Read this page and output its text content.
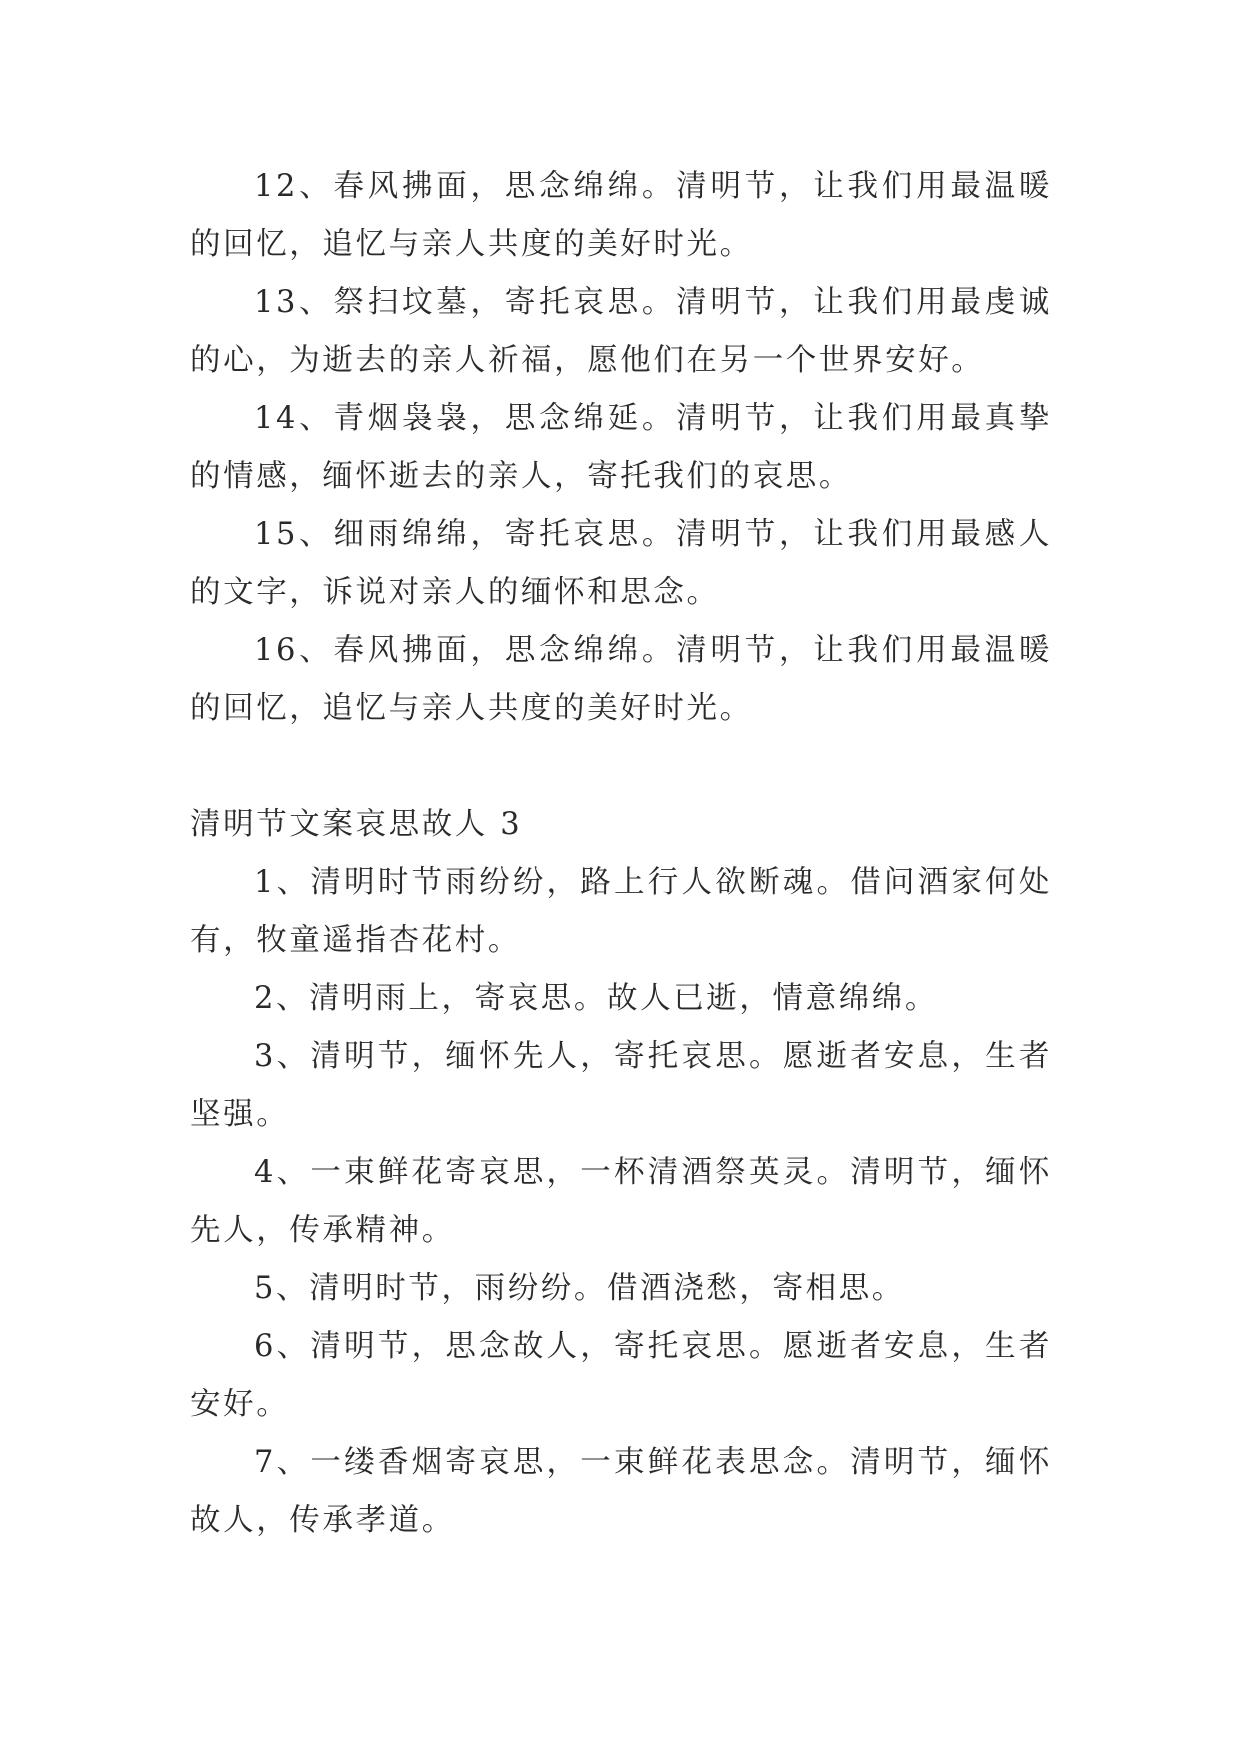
12、春风拂面，思念绵绵。清明节，让我们用最温暖的回忆，追忆与亲人共度的美好时光。

13、祭扫坟墓，寄托哀思。清明节，让我们用最虔诚的心，为逝去的亲人祈福，愿他们在另一个世界安好。

14、青烟袅袅，思念绵延。清明节，让我们用最真挚的情感，缅怀逝去的亲人，寄托我们的哀思。

15、细雨绵绵，寄托哀思。清明节，让我们用最感人的文字，诉说对亲人的缅怀和思念。

16、春风拂面，思念绵绵。清明节，让我们用最温暖的回忆，追忆与亲人共度的美好时光。

清明节文案哀思故人 3

1、清明时节雨纷纷，路上行人欲断魂。借问酒家何处有，牧童遥指杏花村。

2、清明雨上，寄哀思。故人已逝，情意绵绵。

3、清明节，缅怀先人，寄托哀思。愿逝者安息，生者坚强。

4、一束鲜花寄哀思，一杯清酒祭英灵。清明节，缅怀先人，传承精神。

5、清明时节，雨纷纷。借酒浇愁，寄相思。

6、清明节，思念故人，寄托哀思。愿逝者安息，生者安好。

7、一缕香烟寄哀思，一束鲜花表思念。清明节，缅怀故人，传承孝道。
